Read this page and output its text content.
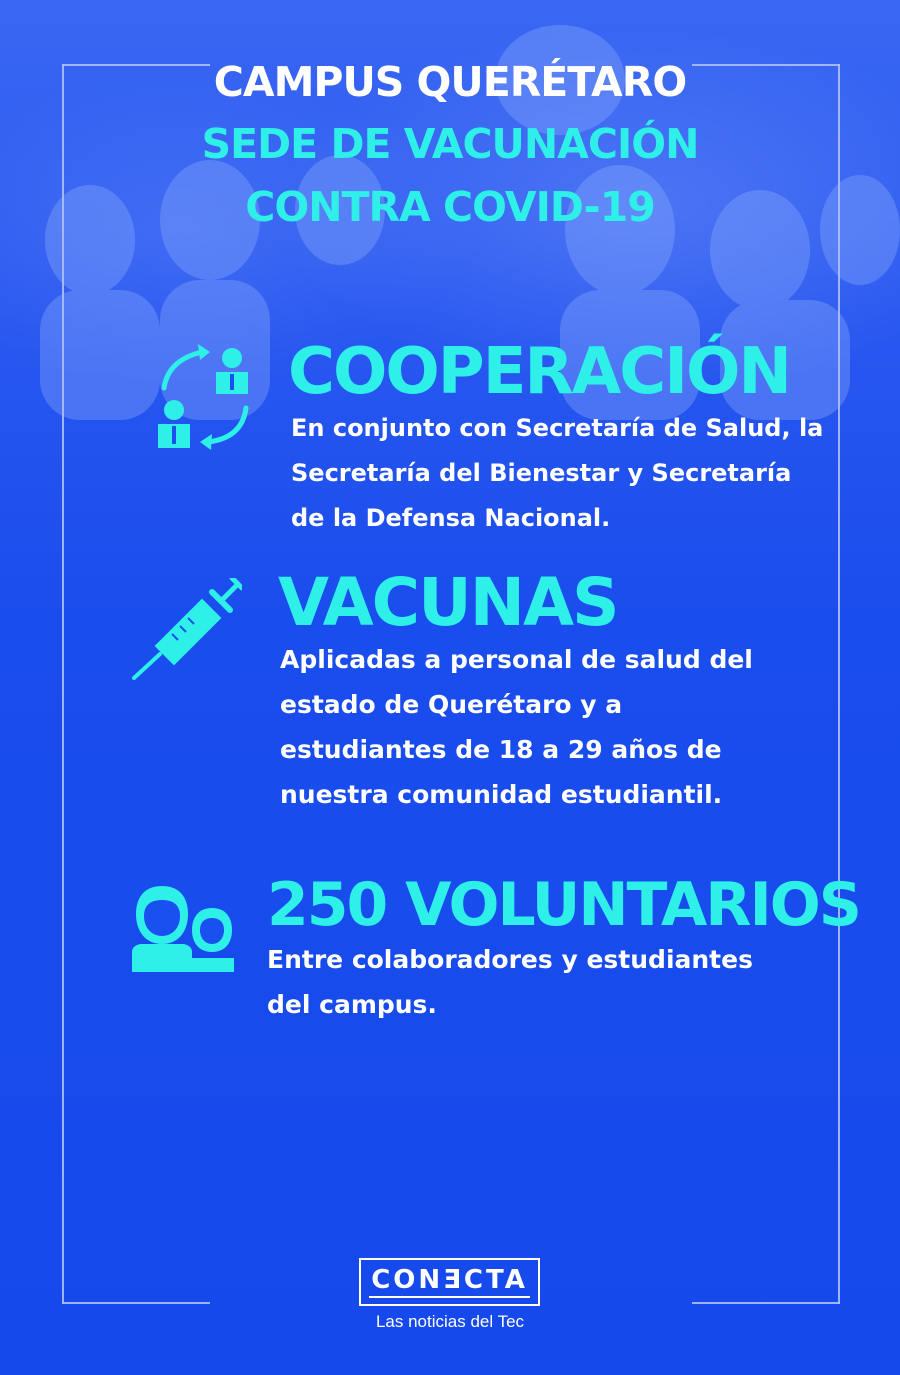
CAMPUS QUERÉTARO
SEDE DE VACUNACIÓN
CONTRA COVID-19
COOPERACIÓN
En conjunto con Secretaría de Salud, la
Secretaría del Bienestar y Secretaría
de la Defensa Nacional.
VACUNAS
Aplicadas a personal de salud del
estado de Querétaro y a
estudiantes de 18 a 29 años de
nuestra comunidad estudiantil.
250 VOLUNTARIOS
Entre colaboradores y estudiantes
del campus.
CONƎCTA
Las noticias del Tec
